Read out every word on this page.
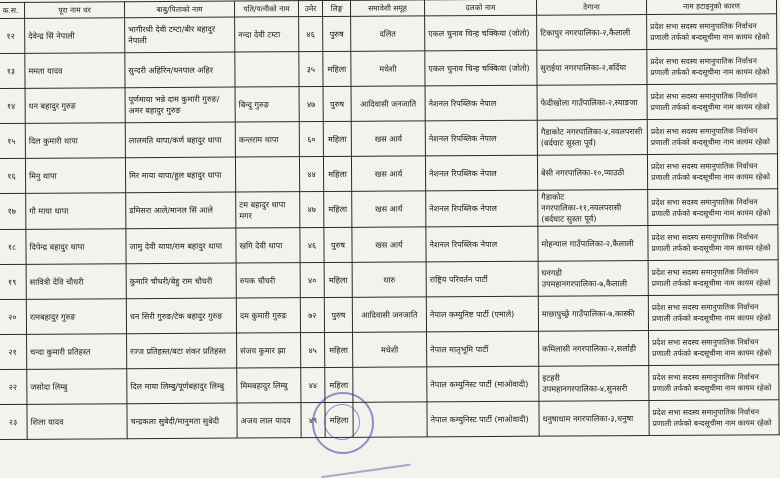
क.स.	पूरा नाम थर	बाबु/पिताको नाम	पति/पत्नीको नाम	उमेर	लिङ्ग	समावेशी समूह	दलको नाम	ठेगाना	नाम हटाइनुको कारण
१२	देवेन्द्र सिं नेपाली	भागीरथी देवी टम्टा/बीर बहादुर नेपाली	नन्दा देवी टम्टा	४६	पुरुष	दलित	एकल चुनाव चिन्ह चक्किया (जोतो)	टिकापुर नगरपालिका-२,कैलाली	प्रदेश सभा सदस्य समानुपातिक निर्वाचन प्रणाली तर्फको बन्दसूचीमा नाम कायम रहेको
१३	ममता यादव	सुन्दरी अहिरिन/धनपाल अहिर		३५	महिला	मधेशी	एकल चुनाव चिन्ह चक्किया (जोतो)	सुराईया नगरपालिका-२,बर्दिया	प्रदेश सभा सदस्य समानुपातिक निर्वाचन प्रणाली तर्फको बन्दसूचीमा नाम कायम रहेको
१४	धन बहादुर गुरुङ	पूर्णमाया भन्ने दाम कुमारी गुरुङ/अमर बहादुर गुरुङ	बिन्दु गुरुङ	४७	पुरुष	आदिवासी जनजाति	नेशनल रिपब्लिक नेपाल	फेदीखोला गाउँपालिका-२,स्याङजा	प्रदेश सभा सदस्य समानुपातिक निर्वाचन प्रणाली तर्फको बन्दसूचीमा नाम कायम रहेको
१५	दिल कुमारी थापा	लालमति थापा/कर्ण बहादुर थापा	कन्तराम थापा	६०	महिला	खस आर्य	नेशनल रिपब्लिक नेपाल	गैडाकोट नगरपालिका-४,नवलपरासी (बर्दघाट सुस्ता पूर्व)	प्रदेश सभा सदस्य समानुपातिक निर्वाचन प्रणाली तर्फको बन्दसूचीमा नाम कायम रहेको
१६	मिनु थापा	मिर माया थापा/हुल बहादुर थापा		४४	महिला	खस आर्य	नेशनल रिपब्लिक नेपाल	बेसी नगरपालिका-१०,प्याउठी	प्रदेश सभा सदस्य समानुपातिक निर्वाचन प्रणाली तर्फको बन्दसूचीमा नाम कायम रहेको
१७	गौ माया थापा	डमिसरा आले/मानल सिं आले	टम बहादुर थापा मगर	४७	महिला	खस आर्य	नेशनल रिपब्लिक नेपाल	गैडाकोट नगरपालिका-११,नवलपरासी (बर्दघाट सुस्ता पूर्व)	प्रदेश सभा सदस्य समानुपातिक निर्वाचन प्रणाली तर्फको बन्दसूचीमा नाम कायम रहेको
१८	दिपेन्द्र बहादुर थापा	जामु देवी थापा/राम बहादुर थापा	खगि देवी थापा	४६	पुरुष	खस आर्य	नेशनल रिपब्लिक नेपाल	मोहन्याल गाउँपालिका-२,कैलाली	प्रदेश सभा सदस्य समानुपातिक निर्वाचन प्रणाली तर्फको बन्दसूचीमा नाम कायम रहेको
१९	सावित्री देवि चौधरी	कुमारि चौधरी/बेहु राम चौधरी	रुपक चौधरी	४०	महिला	थारु	राष्ट्रिय परिवर्तन पार्टी	घनगढी उपमहानगरपालिका-७,कैलाली	प्रदेश सभा सदस्य समानुपातिक निर्वाचन प्रणाली तर्फको बन्दसूचीमा नाम कायम रहेको
२०	रत्नबहादुर गुरुङ	धन सिरी गुरुङ/टेक बहादुर गुरुङ	दम कुमारी गुरुङ	७२	पुरुष	आदिवासी जनजाति	नेपाल कम्युनिष्ट पार्टी (एमाले)	माछापुच्छ्रे गाउँपालिका-७,कास्की	प्रदेश सभा सदस्य समानुपातिक निर्वाचन प्रणाली तर्फको बन्दसूचीमा नाम कायम रहेको
२१	चन्दा कुमारी प्रतिहस्त	रज्ज प्रतिहस्त/बटा शंकर प्रतिहस्त	संजय कुमार झा	४५	महिला	मधेशी	नेपाल मातृभूमि पार्टी	कमिलासी नगरपालिका-२,सर्लाही	प्रदेश सभा सदस्य समानुपातिक निर्वाचन प्रणाली तर्फको बन्दसूचीमा नाम कायम रहेको
२२	जसोदा लिम्बु	दिल माया लिम्बु/पूर्णबहादुर लिम्बु	मिमबहादुर लिम्बु	४४	महिला		नेपाल कम्युनिस्ट पार्टी (माओवादी)	इटहरी उपमहानगरपालिका-४,सुनसरी	प्रदेश सभा सदस्य समानुपातिक निर्वाचन प्रणाली तर्फको बन्दसूचीमा नाम कायम रहेको
२३	शिला यादव	चन्द्रकला सुबेदी/मानुमता सुबेदी	अजय लाल यादव	४९	महिला		नेपाल कम्युनिस्ट पार्टी (माओवादी)	धनुषाधाम नगरपालिका-३,धनुषा	प्रदेश सभा सदस्य समानुपातिक निर्वाचन प्रणाली तर्फको बन्दसूचीमा नाम कायम रहेको
